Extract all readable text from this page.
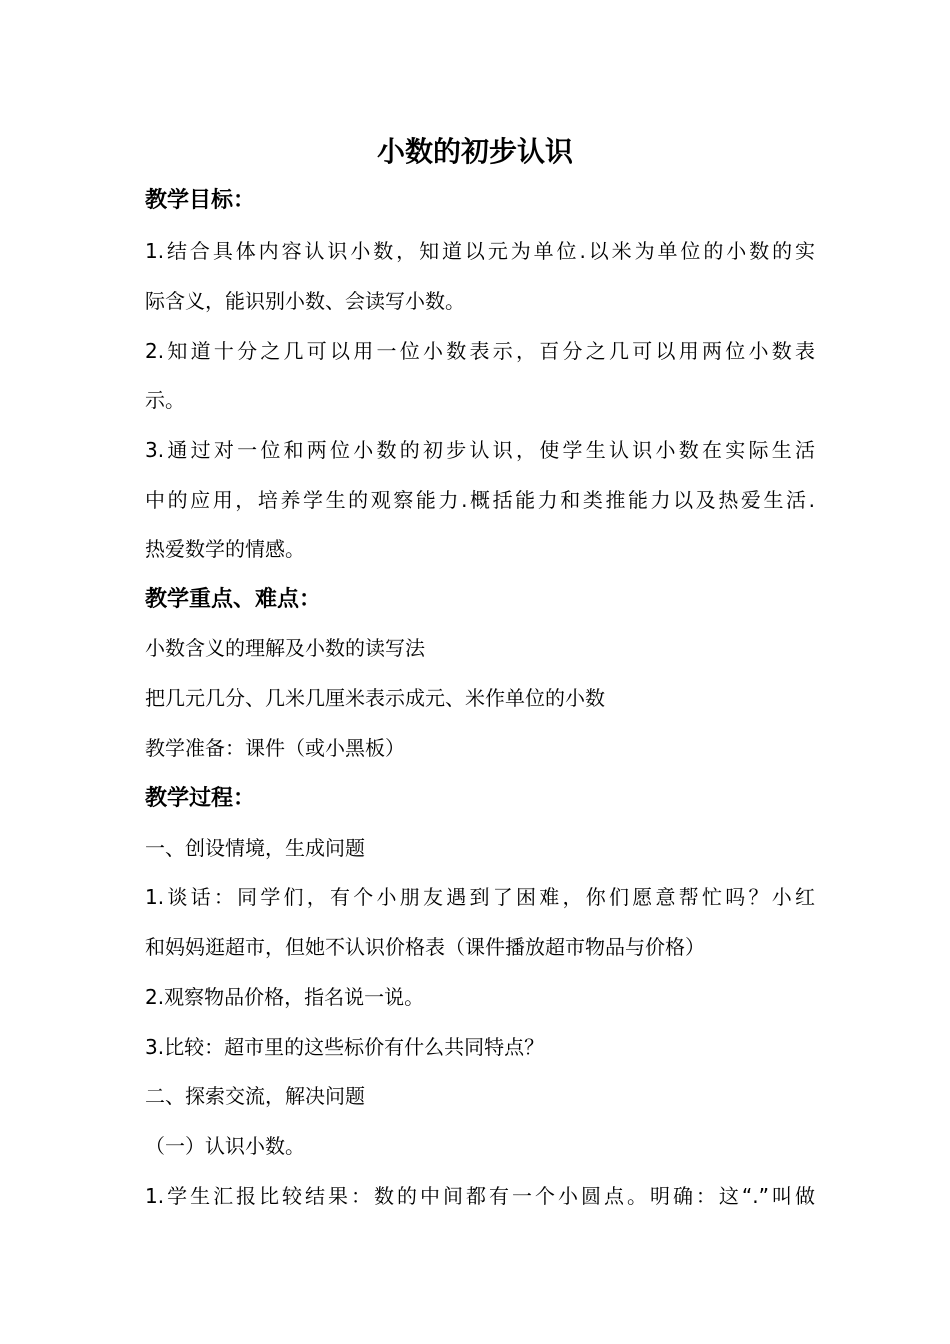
小数的初步认识
教学目标：
1.结合具体内容认识小数，知道以元为单位.以米为单位的小数的实
际含义，能识别小数、会读写小数。
2.知道十分之几可以用一位小数表示，百分之几可以用两位小数表
示。
3.通过对一位和两位小数的初步认识，使学生认识小数在实际生活
中的应用，培养学生的观察能力.概括能力和类推能力以及热爱生活.
热爱数学的情感。
教学重点、难点：
小数含义的理解及小数的读写法
把几元几分、几米几厘米表示成元、米作单位的小数
教学准备：课件（或小黑板）
教学过程：
一、创设情境，生成问题
1.谈话：同学们，有个小朋友遇到了困难，你们愿意帮忙吗？小红
和妈妈逛超市，但她不认识价格表（课件播放超市物品与价格）
2.观察物品价格，指名说一说。
3.比较：超市里的这些标价有什么共同特点？
二、探索交流，解决问题
（一）认识小数。
1.学生汇报比较结果：数的中间都有一个小圆点。明确：这“.”叫做
